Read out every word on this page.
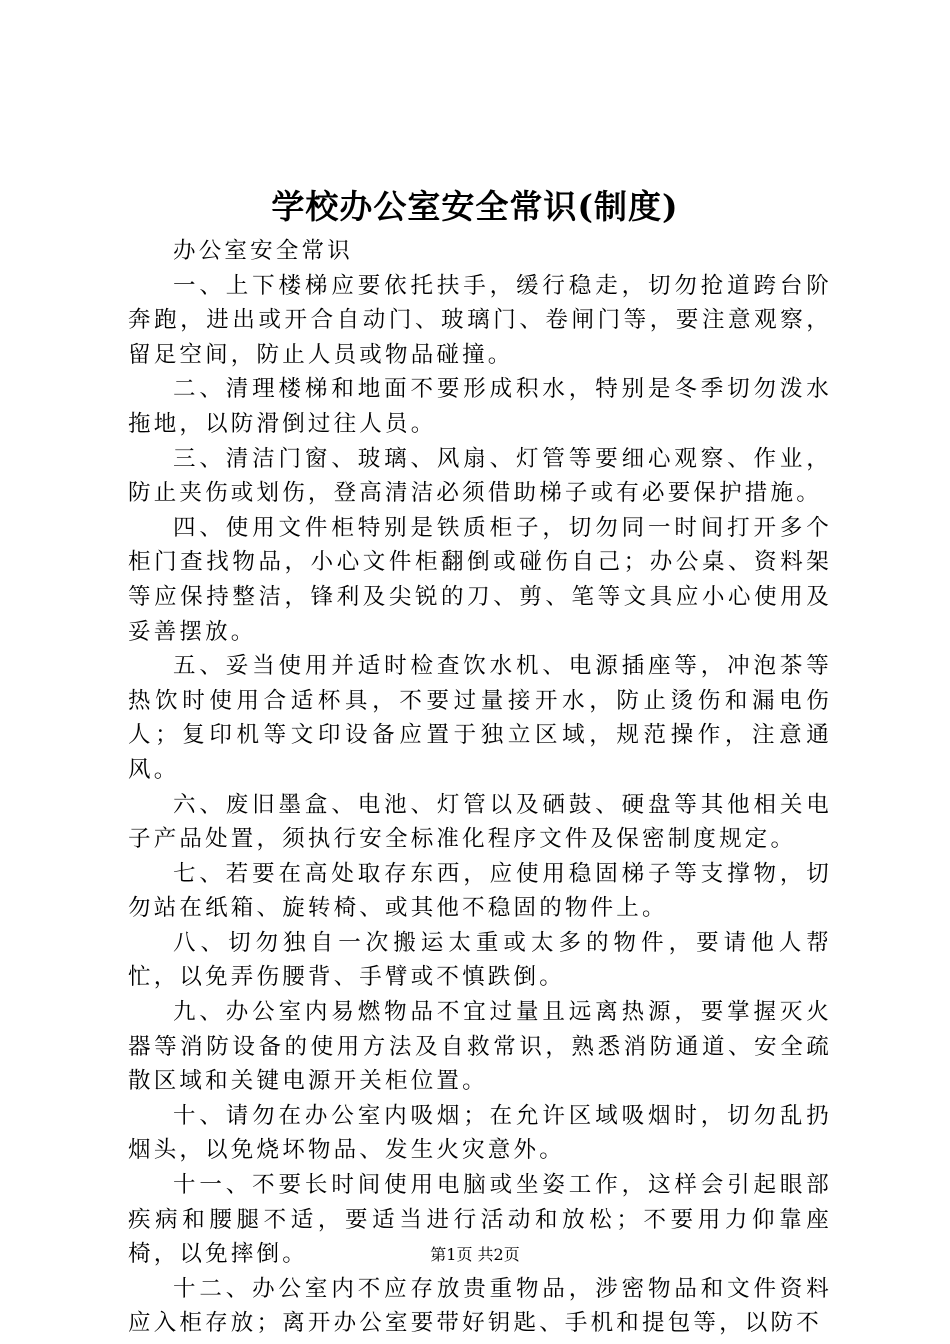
学校办公室安全常识(制度)

办公室安全常识

一、上下楼梯应要依托扶手，缓行稳走，切勿抢道跨台阶奔跑，进出或开合自动门、玻璃门、卷闸门等，要注意观察，留足空间，防止人员或物品碰撞。

二、清理楼梯和地面不要形成积水，特别是冬季切勿泼水拖地，以防滑倒过往人员。

三、清洁门窗、玻璃、风扇、灯管等要细心观察、作业，防止夹伤或划伤，登高清洁必须借助梯子或有必要保护措施。

四、使用文件柜特别是铁质柜子，切勿同一时间打开多个柜门查找物品，小心文件柜翻倒或碰伤自己；办公桌、资料架等应保持整洁，锋利及尖锐的刀、剪、笔等文具应小心使用及妥善摆放。

五、妥当使用并适时检查饮水机、电源插座等，冲泡茶等热饮时使用合适杯具，不要过量接开水，防止烫伤和漏电伤人；复印机等文印设备应置于独立区域，规范操作，注意通风。

六、废旧墨盒、电池、灯管以及硒鼓、硬盘等其他相关电子产品处置，须执行安全标准化程序文件及保密制度规定。

七、若要在高处取存东西，应使用稳固梯子等支撑物，切勿站在纸箱、旋转椅、或其他不稳固的物件上。

八、切勿独自一次搬运太重或太多的物件，要请他人帮忙，以免弄伤腰背、手臂或不慎跌倒。

九、办公室内易燃物品不宜过量且远离热源，要掌握灭火器等消防设备的使用方法及自救常识，熟悉消防通道、安全疏散区域和关键电源开关柜位置。

十、请勿在办公室内吸烟；在允许区域吸烟时，切勿乱扔烟头，以免烧坏物品、发生火灾意外。

十一、不要长时间使用电脑或坐姿工作，这样会引起眼部疾病和腰腿不适，要适当进行活动和放松；不要用力仰靠座椅，以免摔倒。

十二、办公室内不应存放贵重物品，涉密物品和文件资料应入柜存放；离开办公室要带好钥匙、手机和提包等，以防不

第1页 共2页
